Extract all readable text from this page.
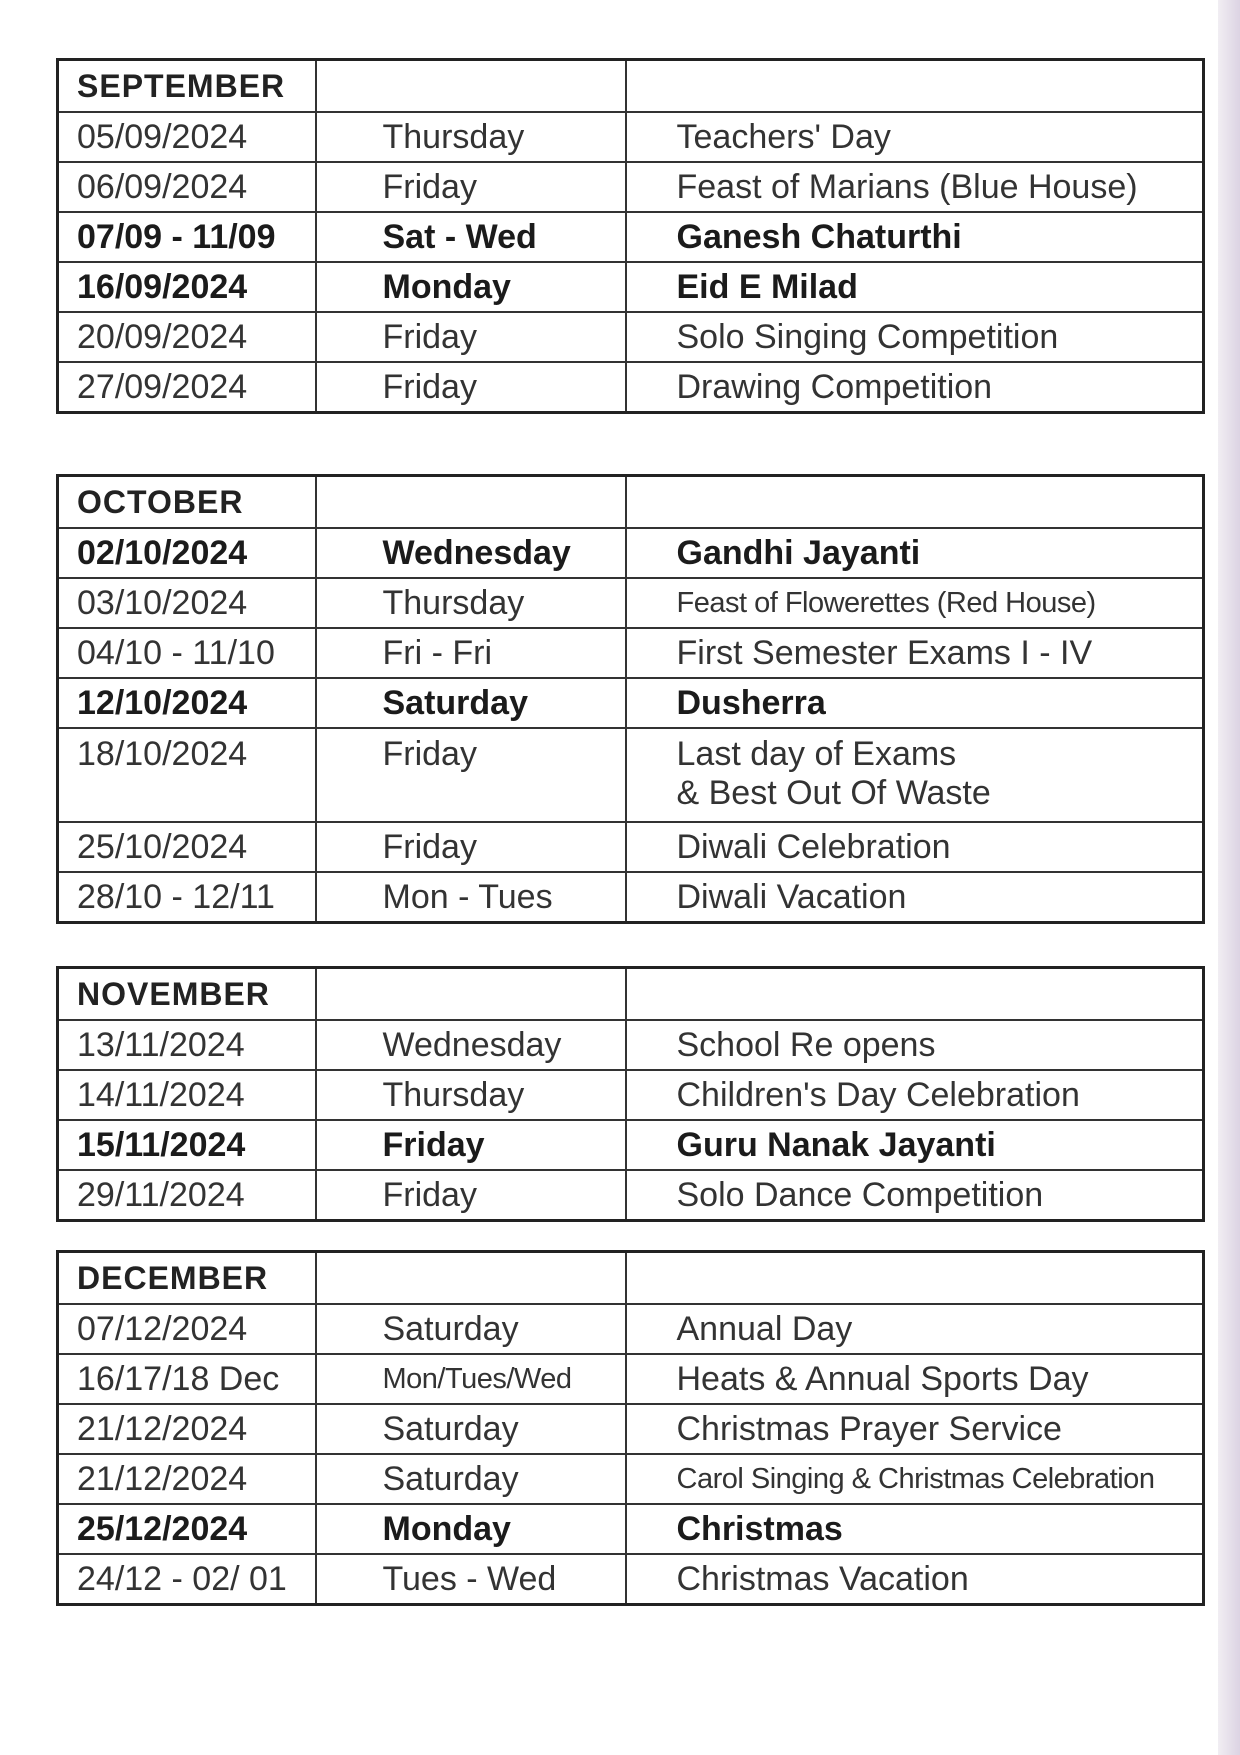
SEPTEMBER		
05/09/2024	Thursday	Teachers' Day
06/09/2024	Friday	Feast of Marians (Blue House)
07/09 - 11/09	Sat - Wed	Ganesh Chaturthi
16/09/2024	Monday	Eid E Milad
20/09/2024	Friday	Solo Singing Competition
27/09/2024	Friday	Drawing Competition
OCTOBER		
02/10/2024	Wednesday	Gandhi Jayanti
03/10/2024	Thursday	Feast of Flowerettes (Red House)
04/10 - 11/10	Fri - Fri	First Semester Exams I - IV
12/10/2024	Saturday	Dusherra
18/10/2024	Friday	Last day of Exams
& Best Out Of Waste

25/10/2024	Friday	Diwali Celebration
28/10 - 12/11	Mon - Tues	Diwali Vacation
NOVEMBER		
13/11/2024	Wednesday	School Re opens
14/11/2024	Thursday	Children's Day Celebration
15/11/2024	Friday	Guru Nanak Jayanti
29/11/2024	Friday	Solo Dance Competition
DECEMBER		
07/12/2024	Saturday	Annual Day
16/17/18 Dec	Mon/Tues/Wed	Heats & Annual Sports Day
21/12/2024	Saturday	Christmas Prayer Service
21/12/2024	Saturday	Carol Singing & Christmas Celebration
25/12/2024	Monday	Christmas
24/12 - 02/ 01	Tues - Wed	Christmas Vacation
